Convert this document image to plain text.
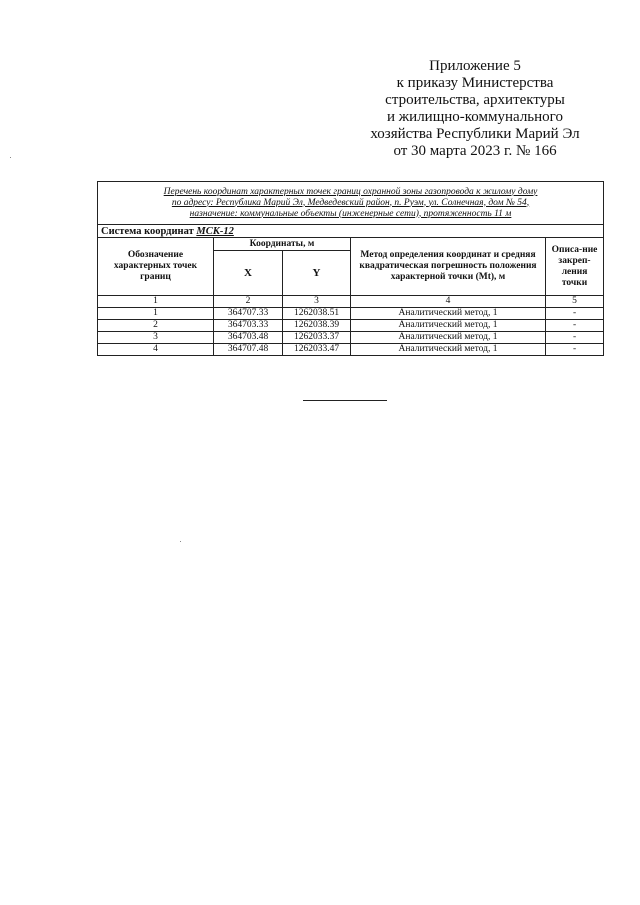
Приложение 5
к приказу Министерства
строительства, архитектуры
и жилищно-коммунального
хозяйства Республики Марий Эл
от 30 марта 2023 г. № 166
Перечень координат характерных точек границ охранной зоны газопровода к жилому дому
по адресу: Республика Марий Эл, Медведевский район, п. Руэм, ул. Солнечная, дом № 54,
назначение: коммунальные объекты (инженерные сети), протяженность 11 м				

Система координат МСК-12				
Обозначение характерных точек границ	Координаты, м		Метод определения координат и средняя квадратическая погрешность положения характерной точки (Mt), м	Описа-ние закреп-ления точки
	X	Y		
1	2	3	4	5
1	364707.33	1262038.51	Аналитический метод, 1	-
2	364703.33	1262038.39	Аналитический метод, 1	-
3	364703.48	1262033.37	Аналитический метод, 1	-
4	364707.48	1262033.47	Аналитический метод, 1	-
